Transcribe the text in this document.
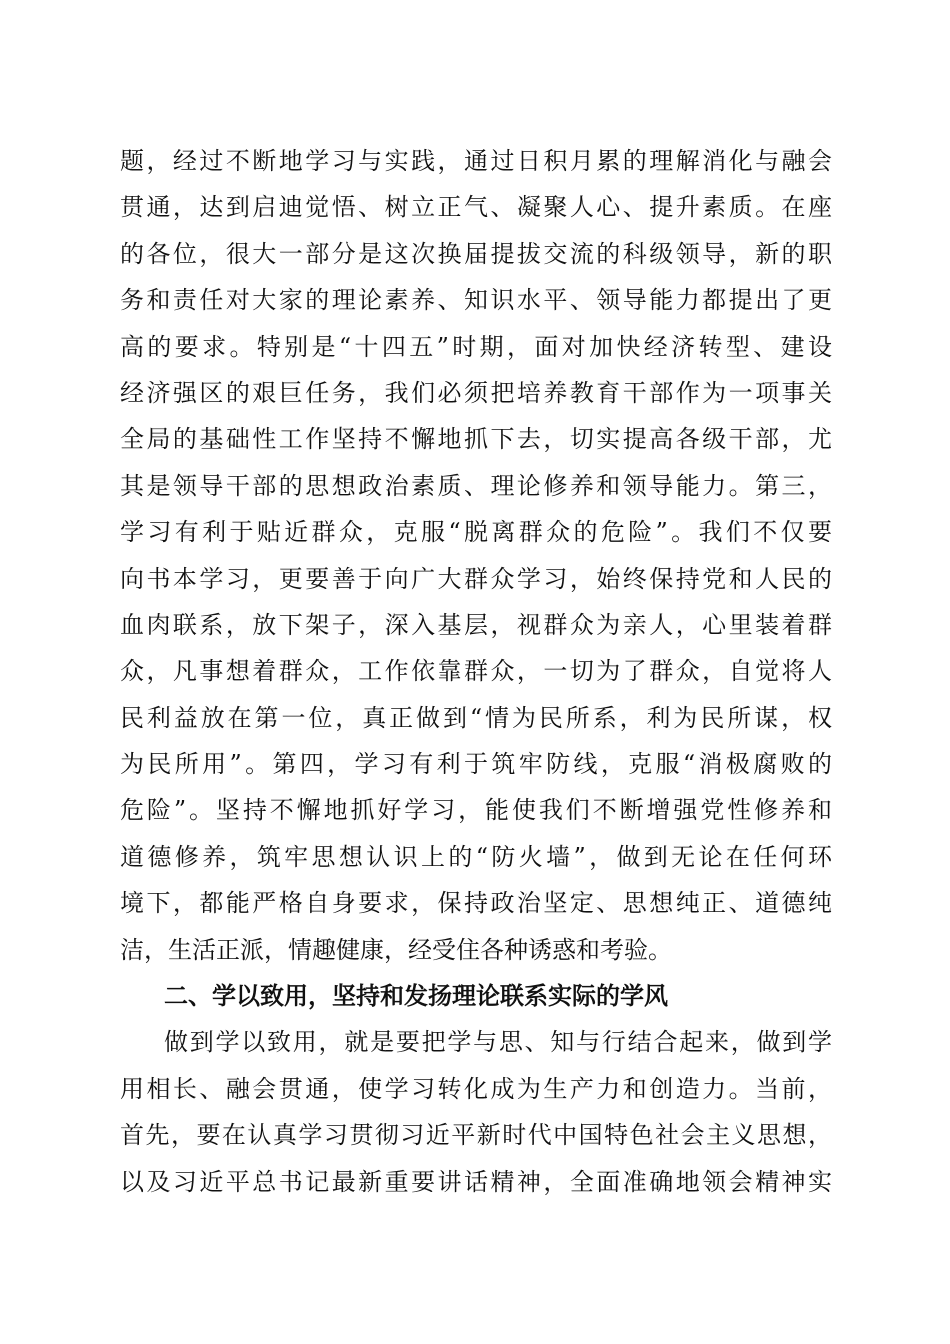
题，经过不断地学习与实践，通过日积月累的理解消化与融会
贯通，达到启迪觉悟、树立正气、凝聚人心、提升素质。在座
的各位，很大一部分是这次换届提拔交流的科级领导，新的职
务和责任对大家的理论素养、知识水平、领导能力都提出了更
高的要求。特别是“十四五”时期，面对加快经济转型、建设
经济强区的艰巨任务，我们必须把培养教育干部作为一项事关
全局的基础性工作坚持不懈地抓下去，切实提高各级干部，尤
其是领导干部的思想政治素质、理论修养和领导能力。第三，
学习有利于贴近群众，克服“脱离群众的危险”。我们不仅要
向书本学习，更要善于向广大群众学习，始终保持党和人民的
血肉联系，放下架子，深入基层，视群众为亲人，心里装着群
众，凡事想着群众，工作依靠群众，一切为了群众，自觉将人
民利益放在第一位，真正做到“情为民所系，利为民所谋，权
为民所用”。第四，学习有利于筑牢防线，克服“消极腐败的
危险”。坚持不懈地抓好学习，能使我们不断增强党性修养和
道德修养，筑牢思想认识上的“防火墙”，做到无论在任何环
境下，都能严格自身要求，保持政治坚定、思想纯正、道德纯
洁，生活正派，情趣健康，经受住各种诱惑和考验。
二、学以致用，坚持和发扬理论联系实际的学风
做到学以致用，就是要把学与思、知与行结合起来，做到学
用相长、融会贯通，使学习转化成为生产力和创造力。当前，
首先，要在认真学习贯彻习近平新时代中国特色社会主义思想，
以及习近平总书记最新重要讲话精神，全面准确地领会精神实
